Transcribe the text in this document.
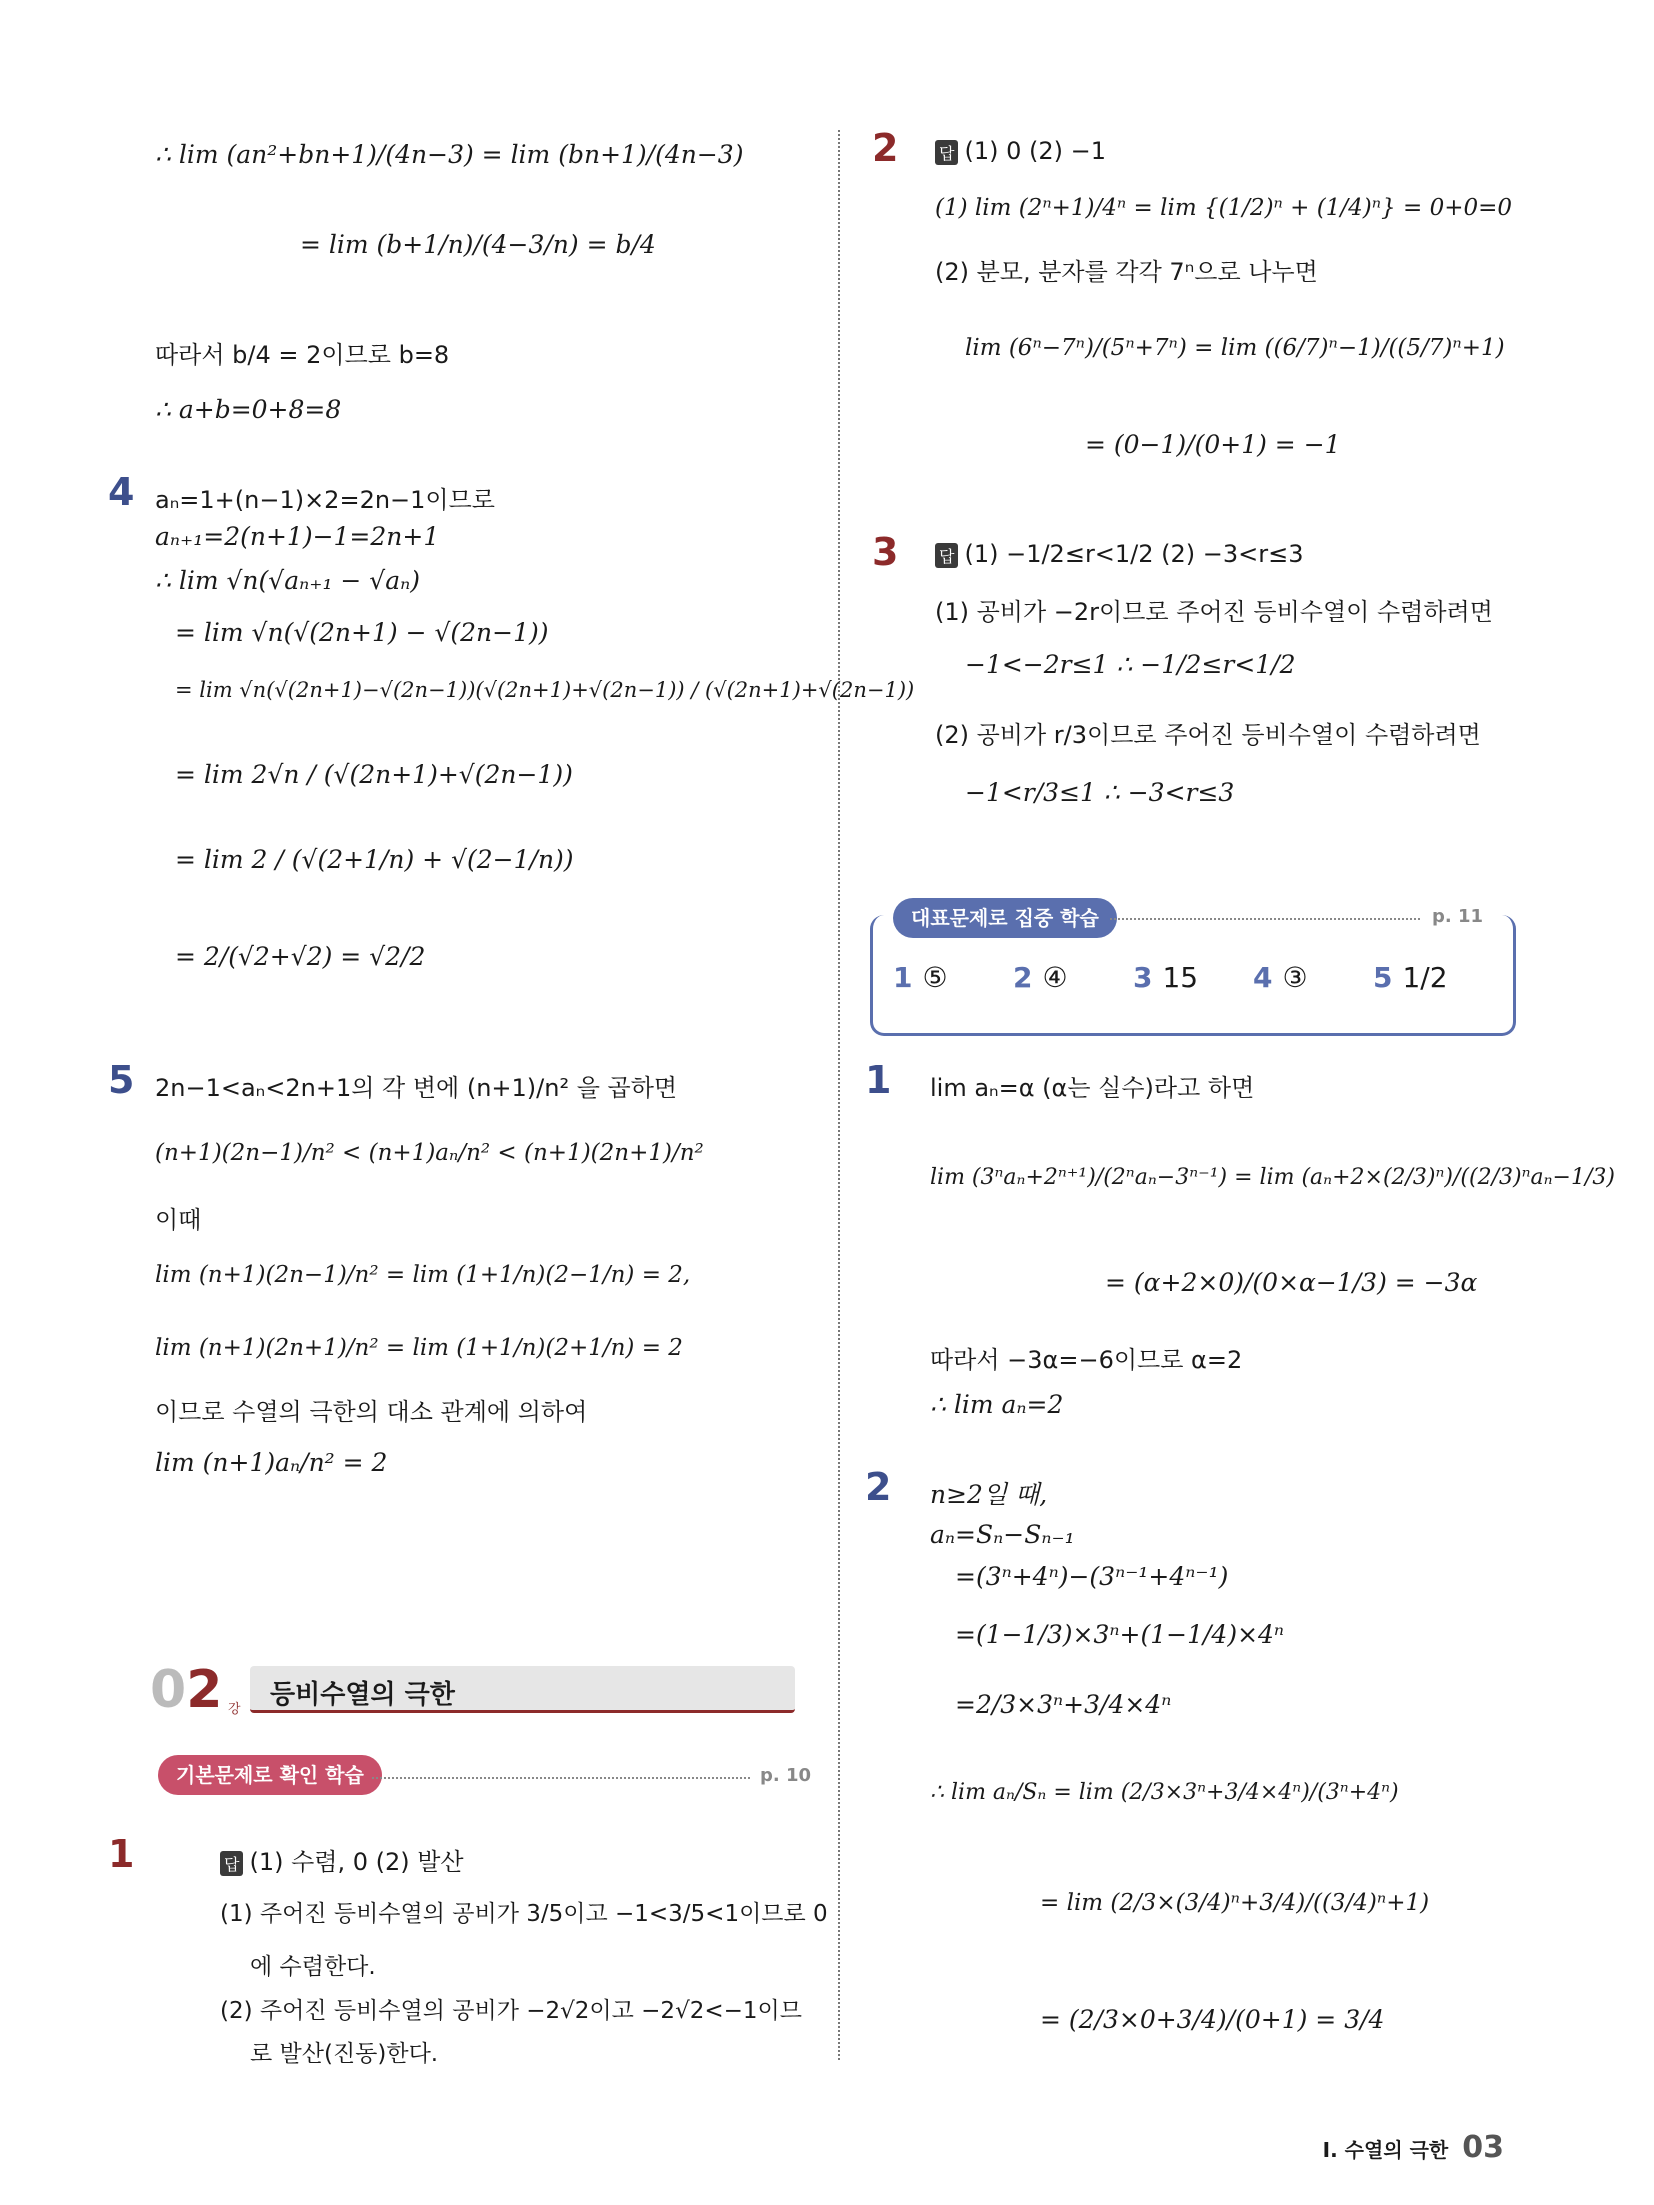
∴ lim (an²+bn+1)/(4n−3) = lim (bn+1)/(4n−3)
= lim (b+1/n)/(4−3/n) = b/4
따라서 b/4 = 2이므로 b=8
∴ a+b=0+8=8
4 aₙ=1+(n−1)×2=2n−1이므로
aₙ₊₁=2(n+1)−1=2n+1
∴ lim √n(√aₙ₊₁ − √aₙ)
= lim √n(√(2n+1) − √(2n−1))
= lim √n(√(2n+1)−√(2n−1))(√(2n+1)+√(2n−1)) / (√(2n+1)+√(2n−1))
= lim 2√n / (√(2n+1)+√(2n−1))
= lim 2 / (√(2+1/n) + √(2−1/n))
= 2/(√2+√2) = √2/2
5 2n−1<aₙ<2n+1의 각 변에 (n+1)/n² 을 곱하면
(n+1)(2n−1)/n² < (n+1)aₙ/n² < (n+1)(2n+1)/n²
이때
lim (n+1)(2n−1)/n² = lim (1+1/n)(2−1/n) = 2,
lim (n+1)(2n+1)/n² = lim (1+1/n)(2+1/n) = 2
이므로 수열의 극한의 대소 관계에 의하여
lim (n+1)aₙ/n² = 2
02 강 등비수열의 극한
기본문제로 확인 학습	p. 10
1	답 (1) 수렴, 0 (2) 발산
(1) 주어진 등비수열의 공비가 3/5이고 −1<3/5<1이므로 0
에 수렴한다.
(2) 주어진 등비수열의 공비가 −2√2이고 −2√2<−1이므
로 발산(진동)한다.
2	답 (1) 0 (2) −1
(1) lim (2ⁿ+1)/4ⁿ = lim {(1/2)ⁿ + (1/4)ⁿ} = 0+0=0
(2) 분모, 분자를 각각 7ⁿ으로 나누면
lim (6ⁿ−7ⁿ)/(5ⁿ+7ⁿ) = lim ((6/7)ⁿ−1)/((5/7)ⁿ+1)
= (0−1)/(0+1) = −1
3	답 (1) −1/2≤r<1/2 (2) −3<r≤3
(1) 공비가 −2r이므로 주어진 등비수열이 수렴하려면
−1<−2r≤1 ∴ −1/2≤r<1/2
(2) 공비가 r/3이므로 주어진 등비수열이 수렴하려면
−1<r/3≤1 ∴ −3<r≤3
1 ⑤ 2 ④ 3 15 4 ③ 5 1/2
대표문제로 집중 학습	p. 11
1 lim aₙ=α (α는 실수)라고 하면
lim (3ⁿaₙ+2ⁿ⁺¹)/(2ⁿaₙ−3ⁿ⁻¹) = lim (aₙ+2×(2/3)ⁿ)/((2/3)ⁿaₙ−1/3)
= (α+2×0)/(0×α−1/3) = −3α
따라서 −3α=−6이므로 α=2
∴ lim aₙ=2
2 n≥2일 때,
aₙ=Sₙ−Sₙ₋₁
=(3ⁿ+4ⁿ)−(3ⁿ⁻¹+4ⁿ⁻¹)
=(1−1/3)×3ⁿ+(1−1/4)×4ⁿ
=2/3×3ⁿ+3/4×4ⁿ
∴ lim aₙ/Sₙ = lim (2/3×3ⁿ+3/4×4ⁿ)/(3ⁿ+4ⁿ)
= lim (2/3×(3/4)ⁿ+3/4)/((3/4)ⁿ+1)
= (2/3×0+3/4)/(0+1) = 3/4
I. 수열의 극한 03
